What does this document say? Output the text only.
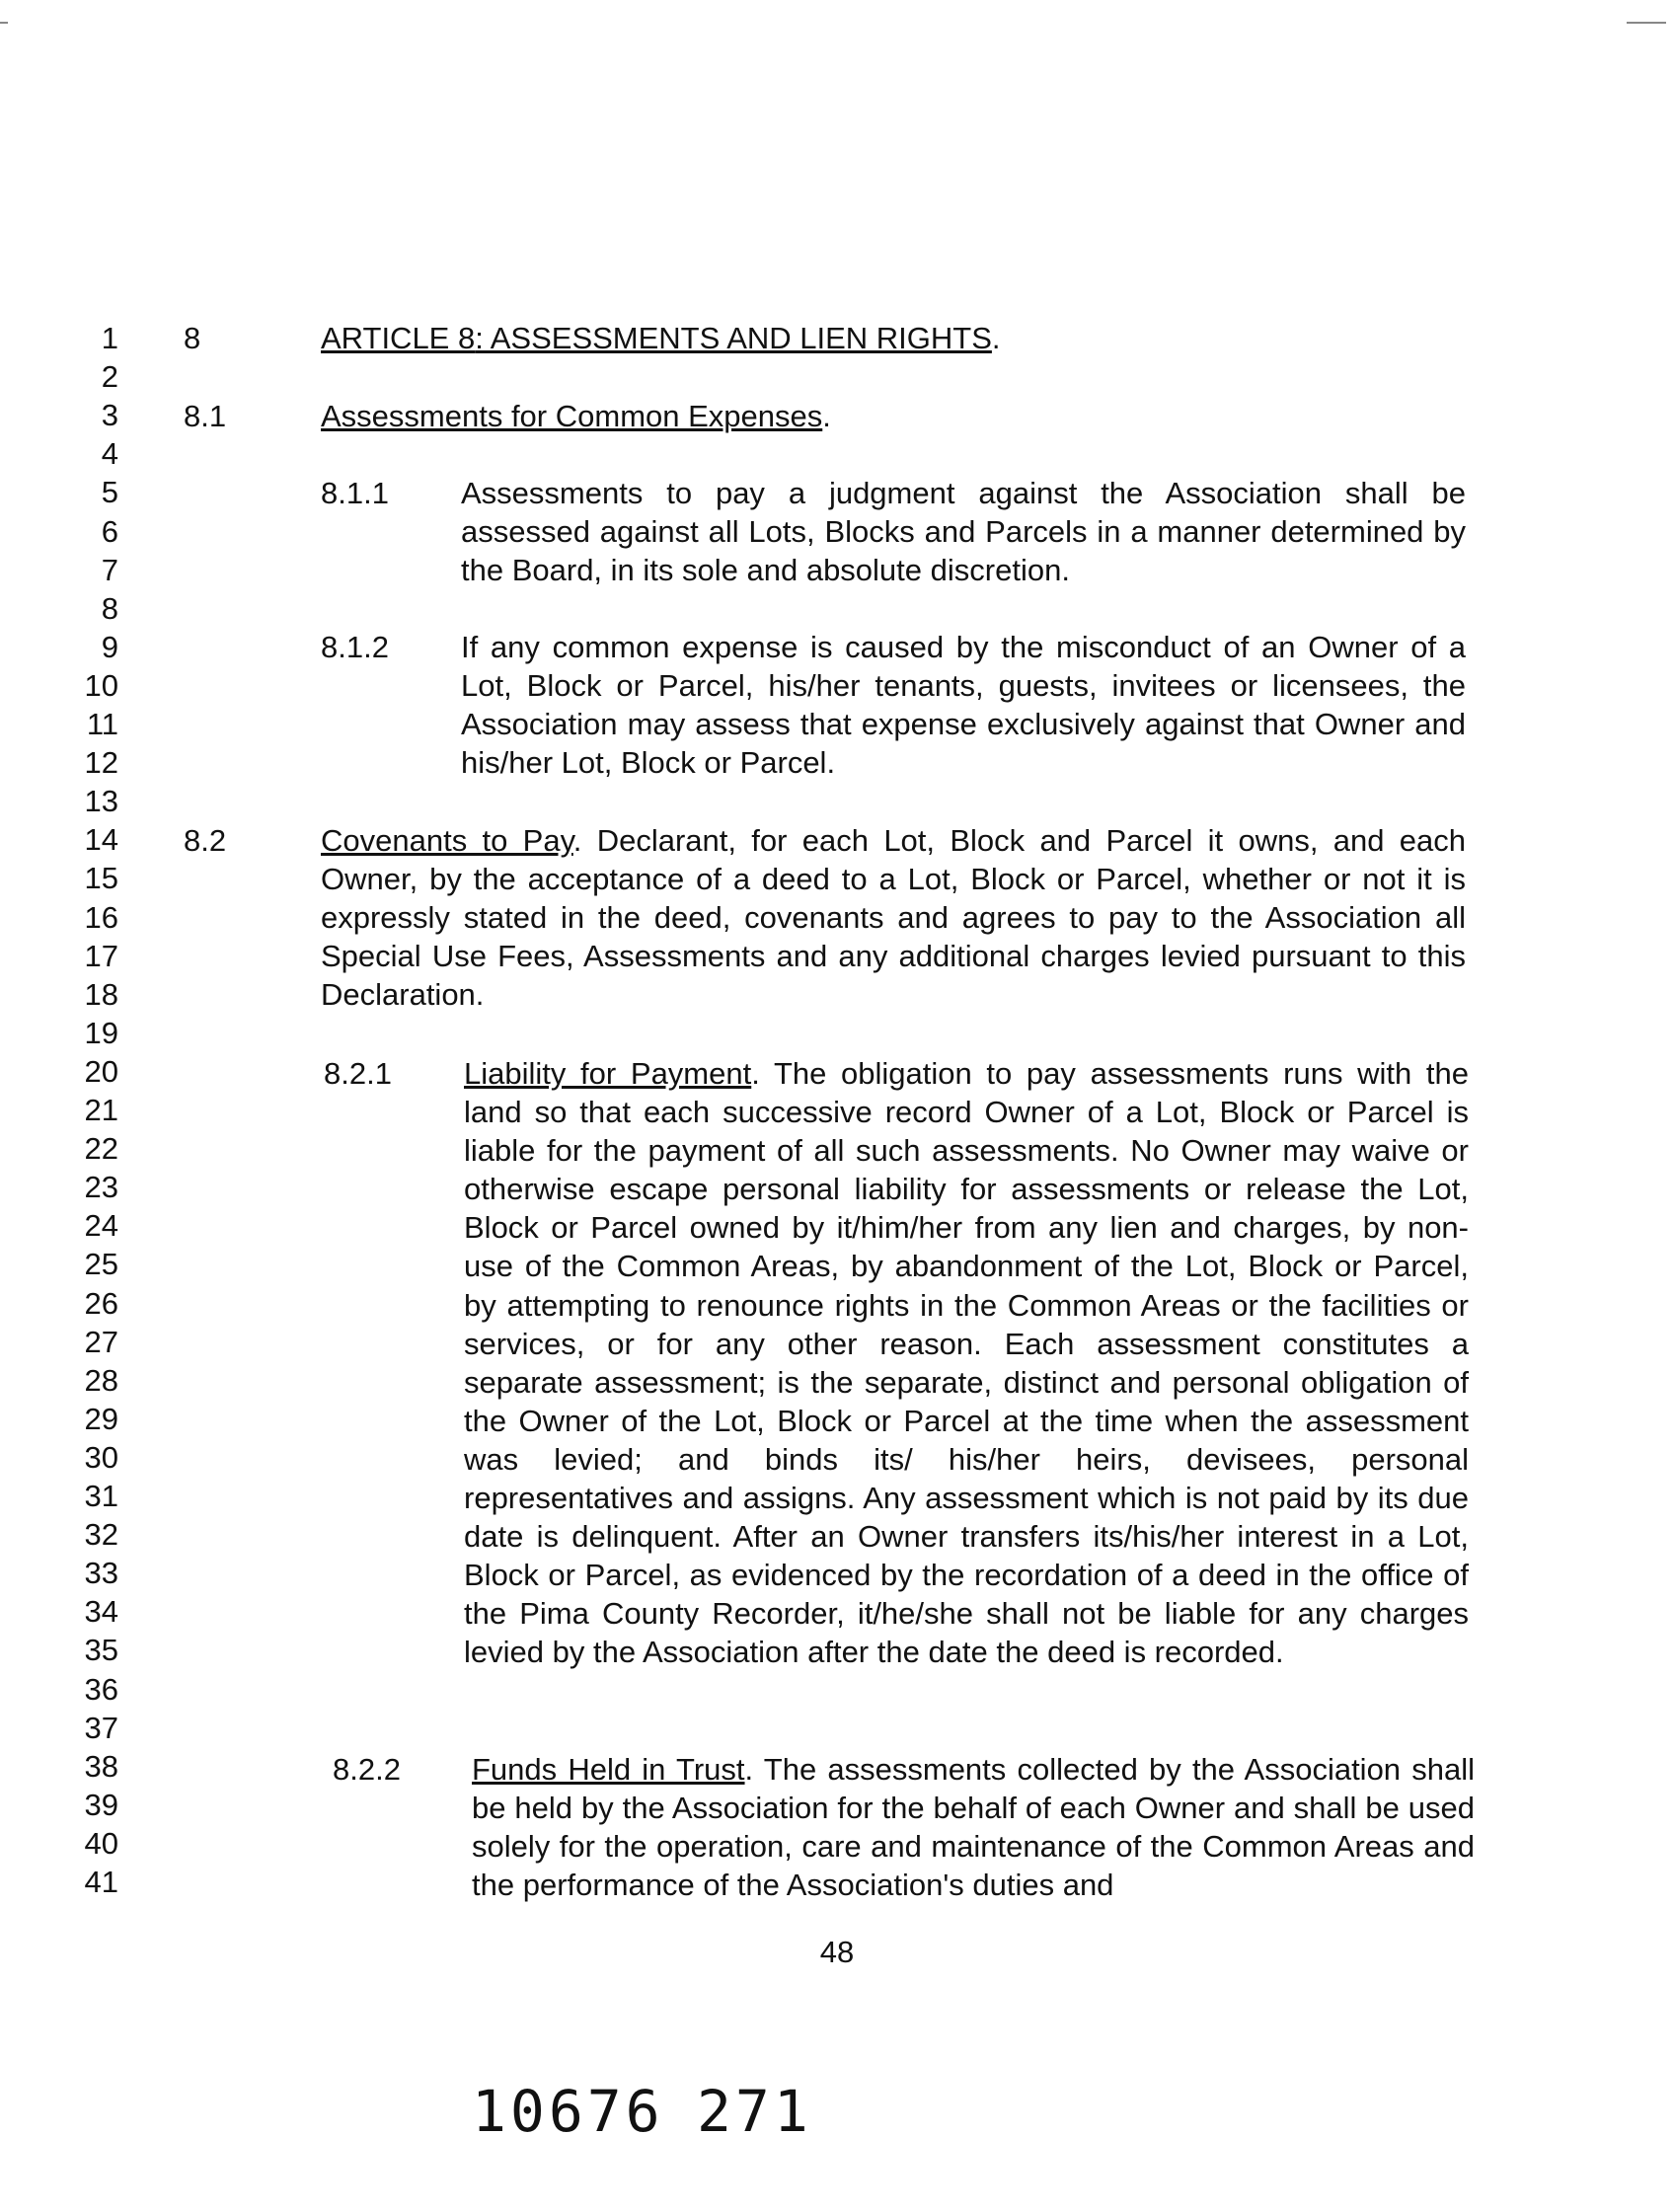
1
2
3
4
5
6
7
8
9
10
11
12
13
14
15
16
17
18
19
20
21
22
23
24
25
26
27
28
29
30
31
32
33
34
35
36
37
38
39
40
41
8	ARTICLE 8: ASSESSMENTS AND LIEN RIGHTS.
8.1	Assessments for Common Expenses.
8.1.1 Assessments to pay a judgment against the Association shall be assessed against all Lots, Blocks and Parcels in a manner determined by the Board, in its sole and absolute discretion.
8.1.2 If any common expense is caused by the misconduct of an Owner of a Lot, Block or Parcel, his/her tenants, guests, invitees or licensees, the Association may assess that expense exclusively against that Owner and his/her Lot, Block or Parcel.
8.2	Covenants to Pay. Declarant, for each Lot, Block and Parcel it owns, and each Owner, by the acceptance of a deed to a Lot, Block or Parcel, whether or not it is expressly stated in the deed, covenants and agrees to pay to the Association all Special Use Fees, Assessments and any additional charges levied pursuant to this Declaration.
8.2.1 Liability for Payment. The obligation to pay assessments runs with the land so that each successive record Owner of a Lot, Block or Parcel is liable for the payment of all such assessments. No Owner may waive or otherwise escape personal liability for assessments or release the Lot, Block or Parcel owned by it/him/her from any lien and charges, by non-use of the Common Areas, by abandonment of the Lot, Block or Parcel, by attempting to renounce rights in the Common Areas or the facilities or services, or for any other reason. Each assessment constitutes a separate assessment; is the separate, distinct and personal obligation of the Owner of the Lot, Block or Parcel at the time when the assessment was levied; and binds its/ his/her heirs, devisees, personal representatives and assigns. Any assessment which is not paid by its due date is delinquent. After an Owner transfers its/his/her interest in a Lot, Block or Parcel, as evidenced by the recordation of a deed in the office of the Pima County Recorder, it/he/she shall not be liable for any charges levied by the Association after the date the deed is recorded.
8.2.2 Funds Held in Trust. The assessments collected by the Association shall be held by the Association for the behalf of each Owner and shall be used solely for the operation, care and maintenance of the Common Areas and the performance of the Association's duties and
48
10676 271
